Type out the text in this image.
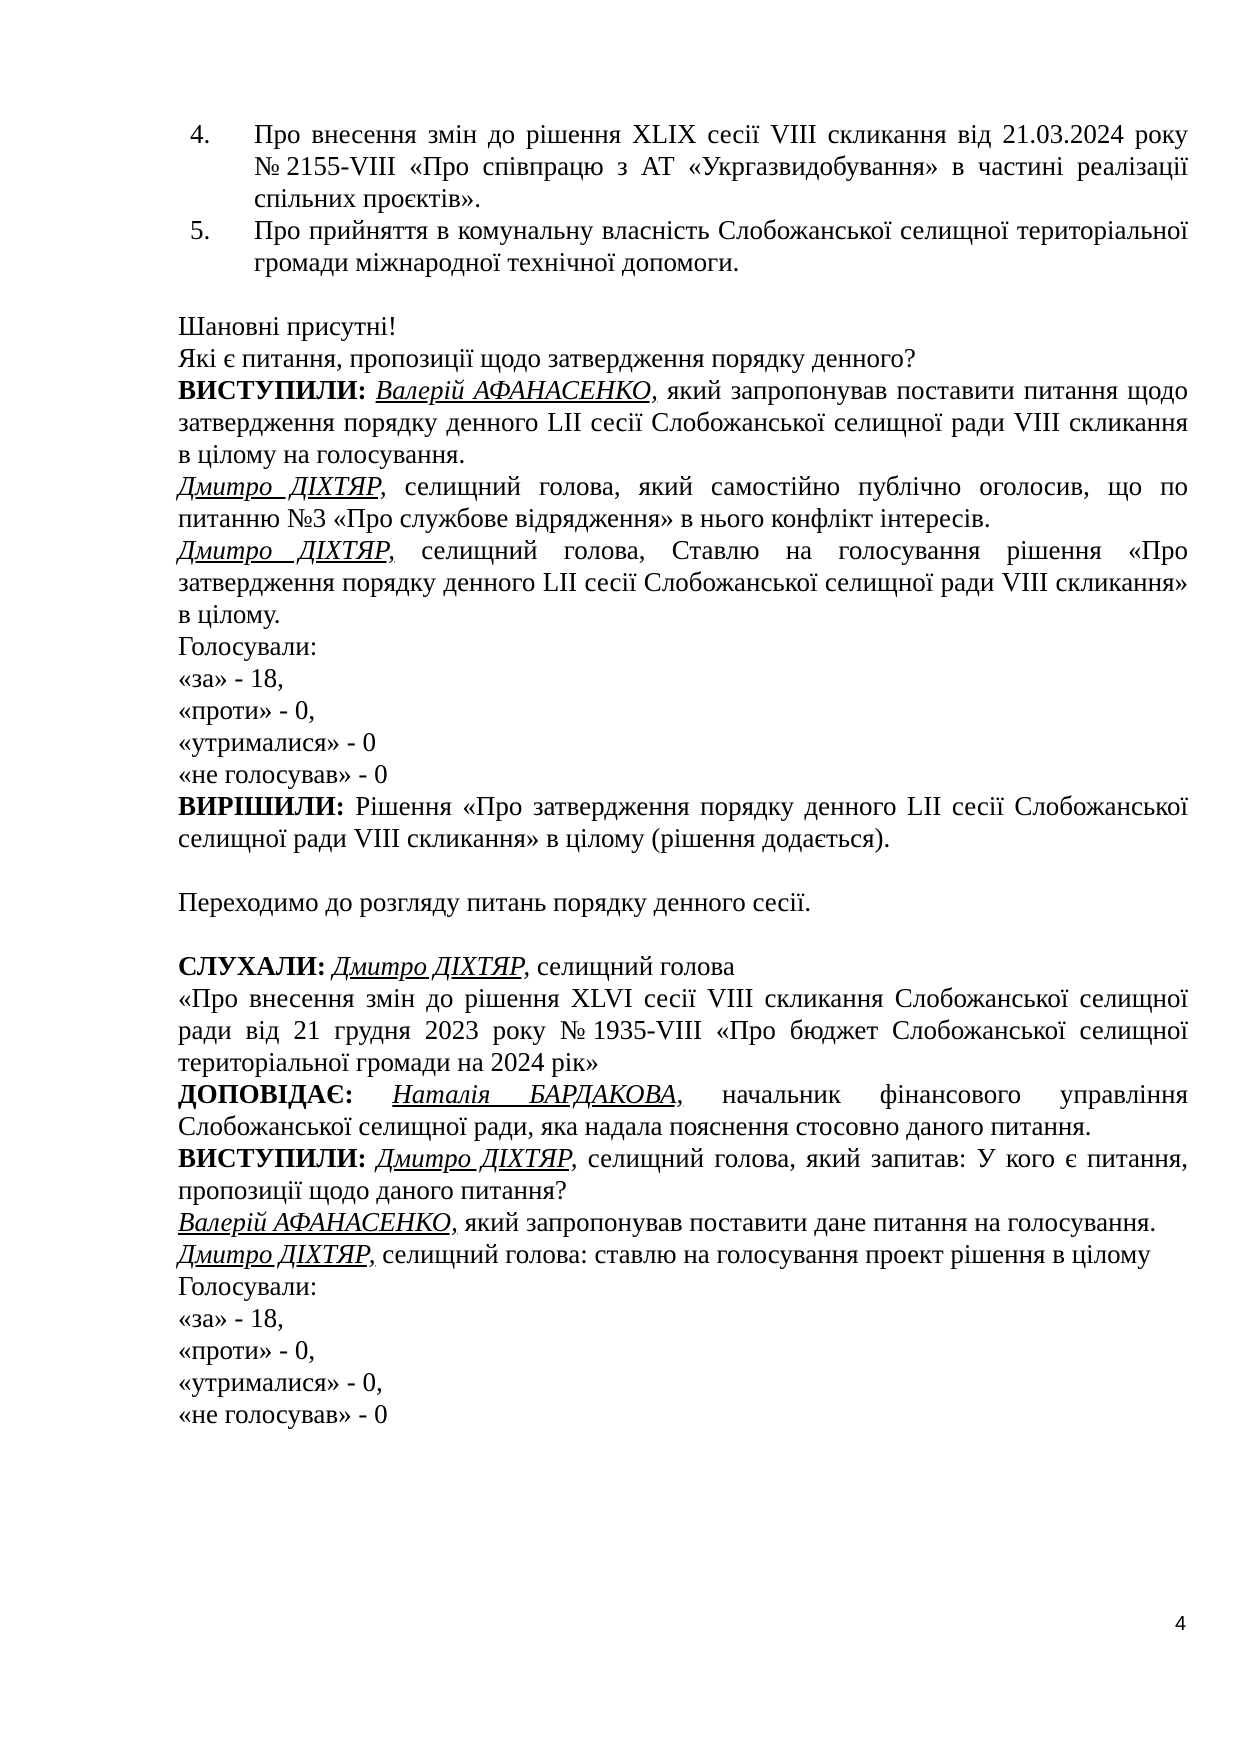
4. Про внесення змін до рішення XLIX сесії VIII скликання від 21.03.2024 року №2155-VIII «Про співпрацю з АТ «Укргазвидобування» в частині реалізації спільних проєктів».
5. Про прийняття в комунальну власність Слобожанської селищної територіальної громади міжнародної технічної допомоги.

Шановні присутні!

Які є питання, пропозиції щодо затвердження порядку денного?

ВИСТУПИЛИ: Валерій АФАНАСЕНКО, який запропонував поставити питання щодо затвердження порядку денного LII сесії Слобожанської селищної ради VIII скликання в цілому на голосування.

Дмитро ДІХТЯР, селищний голова, який самостійно публічно оголосив, що по питанню №3 «Про службове відрядження» в нього конфлікт інтересів.

Дмитро ДІХТЯР, селищний голова, Ставлю на голосування рішення «Про затвердження порядку денного LII сесії Слобожанської селищної ради VIII скликання» в цілому.

Голосували:

«за» - 18,

«проти» - 0,

«утрималися» - 0

«не голосував» - 0

ВИРІШИЛИ: Рішення «Про затвердження порядку денного LII сесії Слобожанської селищної ради VIII скликання» в цілому (рішення додається).

Переходимо до розгляду питань порядку денного сесії.

СЛУХАЛИ: Дмитро ДІХТЯР, селищний голова

«Про внесення змін до рішення XLVI сесії VIII скликання Слобожанської селищної ради від 21 грудня 2023 року №1935-VIII «Про бюджет Слобожанської селищної територіальної громади на 2024 рік»

ДОПОВІДАЄ: Наталія БАРДАКОВА, начальник фінансового управління Слобожанської селищної ради, яка надала пояснення стосовно даного питання.

ВИСТУПИЛИ: Дмитро ДІХТЯР, селищний голова, який запитав: У кого є питання, пропозиції щодо даного питання?

Валерій АФАНАСЕНКО, який запропонував поставити дане питання на голосування.

Дмитро ДІХТЯР, селищний голова: ставлю на голосування проект рішення в цілому

Голосували:

«за» - 18,

«проти» - 0,

«утрималися» - 0,

«не голосував» - 0

4
